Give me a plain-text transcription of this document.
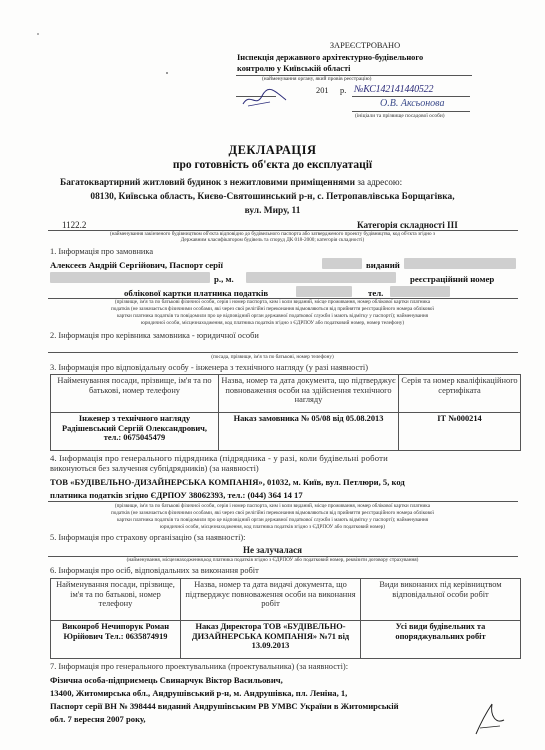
ЗАРЕЄСТРОВАНО
Інспекція державного архітектурно-будівельного
контролю у Київській області
(найменування органу, який провів реєстрацію)
201 р. №КС142141440522
О.В. Аксьонова
(ініціали та прізвище посадової особи)
ДЕКЛАРАЦІЯ
про готовність об'єкта до експлуатації
Багатоквартирний житловий будинок з нежитловими приміщеннями за адресою:
08130, Київська область, Києво-Святошинський р-н, с. Петропавлівська Борщагівка,
вул. Миру, 11
1122.2	Категорія складності ІІІ
(найменування закінченого будівництвом об'єкта відповідно до будівельного паспорта або затвердженого проекту будівництва, код об'єкта згідно з
Державним класифікатором будівель та споруд ДК 018-2000; категорія складності)
1. Інформація про замовника
Алексеєв Андрій Сергійович, Паспорт серії	виданий
р., м.	реєстраційний номер
облікової картки платника податків	тел.
(прізвище, ім'я та по батькові фізичної особи, серія і номер паспорта, ким і коли виданий, місце проживання, номер облікової картки платника
податків (не зазначається фізичними особами, які через свої релігійні переконання відмовляються від прийняття реєстраційного номера облікової
картки платника податків та повідомили про це відповідний орган державної податкової служби і мають відмітку у паспорті); найменування
юридичної особи, місцезнаходження, код платника податків згідно з ЄДРПОУ або податковий номер, номер телефону)
2. Інформація про керівника замовника - юридичної особи
(посада, прізвище, ім'я та по батькові, номер телефону)
3. Інформація про відповідальну особу - інженера з технічного нагляду (у разі наявності)
Найменування посади, прізвище, ім'я та по батькові, номер телефону	Назва, номер та дата документа, що підтверджує повноваження особи на здійснення технічного нагляду	Серія та номер кваліфікаційного сертифіката
Інженер з технічного нагляду Радішевський Сергій Олександрович, тел.: 0675045479	Наказ замовника № 05/08 від 05.08.2013	ІТ №000214
4. Інформація про генерального підрядника (підрядника - у разі, коли будівельні роботи
виконуються без залучення субпідрядників) (за наявності)
ТОВ «БУДІВЕЛЬНО-ДИЗАЙНЕРСЬКА КОМПАНІЯ», 01032, м. Київ, вул. Петлюри, 5, код
платника податків згідно ЄДРПОУ 38062393, тел.: (044) 364 14 17
(прізвище, ім'я та по батькові фізичної особи, серія і номер паспорта, ким і коли виданий, місце проживання, номер облікової картки платника
податків (не зазначається фізичними особами, які через свої релігійні переконання відмовляються від прийняття реєстраційного номера облікової
картки платника податків та повідомили про це відповідний орган державної податкової служби і мають відмітку у паспорті); найменування
юридичної особи, місцезнаходження, код платника податків згідно з ЄДРПОУ або податковий номер)
5. Інформація про страхову організацію (за наявності):
Не залучалася
(найменування, місцезнаходження,код платника податків згідно з ЄДРПОУ або податковий номер, реквізити договору страхування)
6. Інформація про осіб, відповідальних за виконання робіт
Найменування посади, прізвище, ім'я та по батькові, номер телефону	Назва, номер та дата видачі документа, що підтверджує повноваження особи на виконання робіт	Види виконаних під керівництвом відповідальної особи робіт
Виконроб Нечипорук Роман Юрійович Тел.: 0635874919	Наказ Директора ТОВ «БУДІВЕЛЬНО-ДИЗАЙНЕРСЬКА КОМПАНІЯ» №71 від 13.09.2013	Усі види будівельних та опоряджувальних робіт
7. Інформація про генерального проектувальника (проектувальника) (за наявності):
Фізична особа-підприємець Свинарчук Віктор Васильович,
13400, Житомирська обл., Андрушівський р-н, м. Андрушівка, пл. Леніна, 1,
Паспорт серії ВН № 398444 виданий Андрушівським РВ УМВС України в Житомирській
обл. 7 вересня 2007 року,
